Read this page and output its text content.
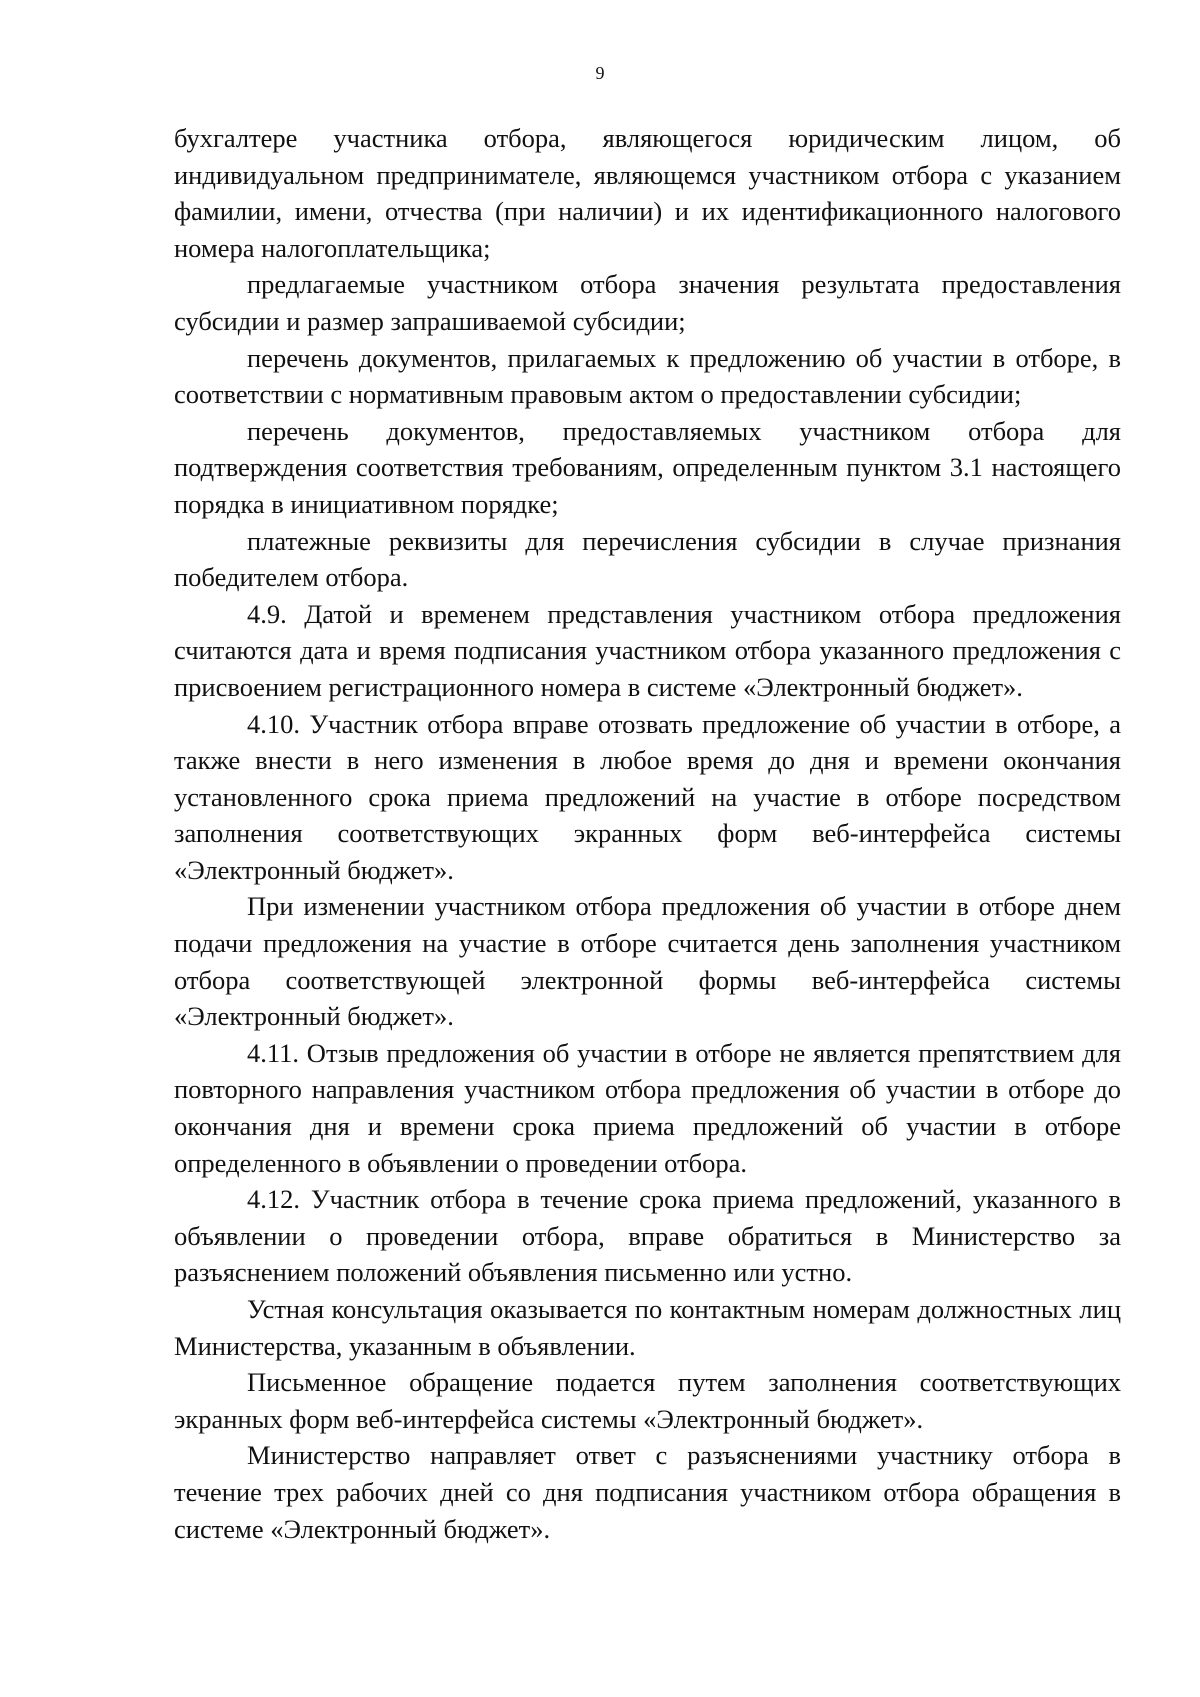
9

бухгалтере участника отбора, являющегося юридическим лицом, об индивидуальном предпринимателе, являющемся участником отбора с указанием фамилии, имени, отчества (при наличии) и их идентификационного налогового номера налогоплательщика;

предлагаемые участником отбора значения результата предоставления субсидии и размер запрашиваемой субсидии;

перечень документов, прилагаемых к предложению об участии в отборе, в соответствии с нормативным правовым актом о предоставлении субсидии;

перечень документов, предоставляемых участником отбора для подтверждения соответствия требованиям, определенным пунктом 3.1 настоящего порядка в инициативном порядке;

платежные реквизиты для перечисления субсидии в случае признания победителем отбора.

4.9. Датой и временем представления участником отбора предложения считаются дата и время подписания участником отбора указанного предложения с присвоением регистрационного номера в системе «Электронный бюджет».

4.10. Участник отбора вправе отозвать предложение об участии в отборе, а также внести в него изменения в любое время до дня и времени окончания установленного срока приема предложений на участие в отборе посредством заполнения соответствующих экранных форм веб-интерфейса системы «Электронный бюджет».

При изменении участником отбора предложения об участии в отборе днем подачи предложения на участие в отборе считается день заполнения участником отбора соответствующей электронной формы веб-интерфейса системы «Электронный бюджет».

4.11. Отзыв предложения об участии в отборе не является препятствием для повторного направления участником отбора предложения об участии в отборе до окончания дня и времени срока приема предложений об участии в отборе определенного в объявлении о проведении отбора.

4.12. Участник отбора в течение срока приема предложений, указанного в объявлении о проведении отбора, вправе обратиться в Министерство за разъяснением положений объявления письменно или устно.

Устная консультация оказывается по контактным номерам должностных лиц Министерства, указанным в объявлении.

Письменное обращение подается путем заполнения соответствующих экранных форм веб-интерфейса системы «Электронный бюджет».

Министерство направляет ответ с разъяснениями участнику отбора в течение трех рабочих дней со дня подписания участником отбора обращения в системе «Электронный бюджет».
